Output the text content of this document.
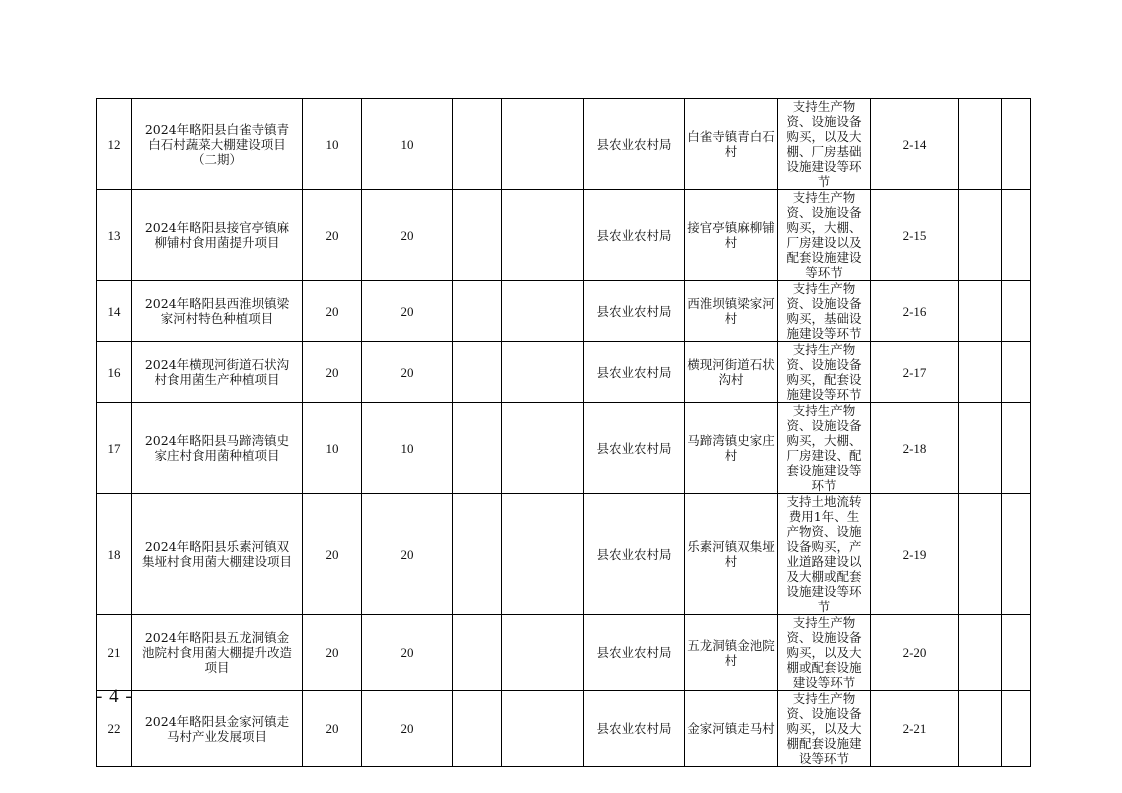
12	2024年略阳县白雀寺镇青白石村蔬菜大棚建设项目（二期）	10	10			县农业农村局	白雀寺镇青白石村	支持生产物资、设施设备购买，以及大棚、厂房基础设施建设等环节	2-14		
13	2024年略阳县接官亭镇麻柳铺村食用菌提升项目	20	20			县农业农村局	接官亭镇麻柳铺村	支持生产物资、设施设备购买，大棚、厂房建设以及配套设施建设等环节	2-15		
14	2024年略阳县西淮坝镇梁家河村特色种植项目	20	20			县农业农村局	西淮坝镇梁家河村	支持生产物资、设施设备购买，基础设施建设等环节	2-16		
16	2024年横现河街道石状沟村食用菌生产种植项目	20	20			县农业农村局	横现河街道石状沟村	支持生产物资、设施设备购买，配套设施建设等环节	2-17		
17	2024年略阳县马蹄湾镇史家庄村食用菌种植项目	10	10			县农业农村局	马蹄湾镇史家庄村	支持生产物资、设施设备购买，大棚、厂房建设、配套设施建设等环节	2-18		
18	2024年略阳县乐素河镇双集垭村食用菌大棚建设项目	20	20			县农业农村局	乐素河镇双集垭村	支持土地流转费用1年、生产物资、设施设备购买，产业道路建设以及大棚或配套设施建设等环节	2-19		
21	2024年略阳县五龙洞镇金池院村食用菌大棚提升改造项目	20	20			县农业农村局	五龙洞镇金池院村	支持生产物资、设施设备购买，以及大棚或配套设施建设等环节	2-20		
22	2024年略阳县金家河镇走马村产业发展项目	20	20			县农业农村局	金家河镇走马村	支持生产物资、设施设备购买，以及大棚配套设施建设等环节	2-21		
- 4 -
